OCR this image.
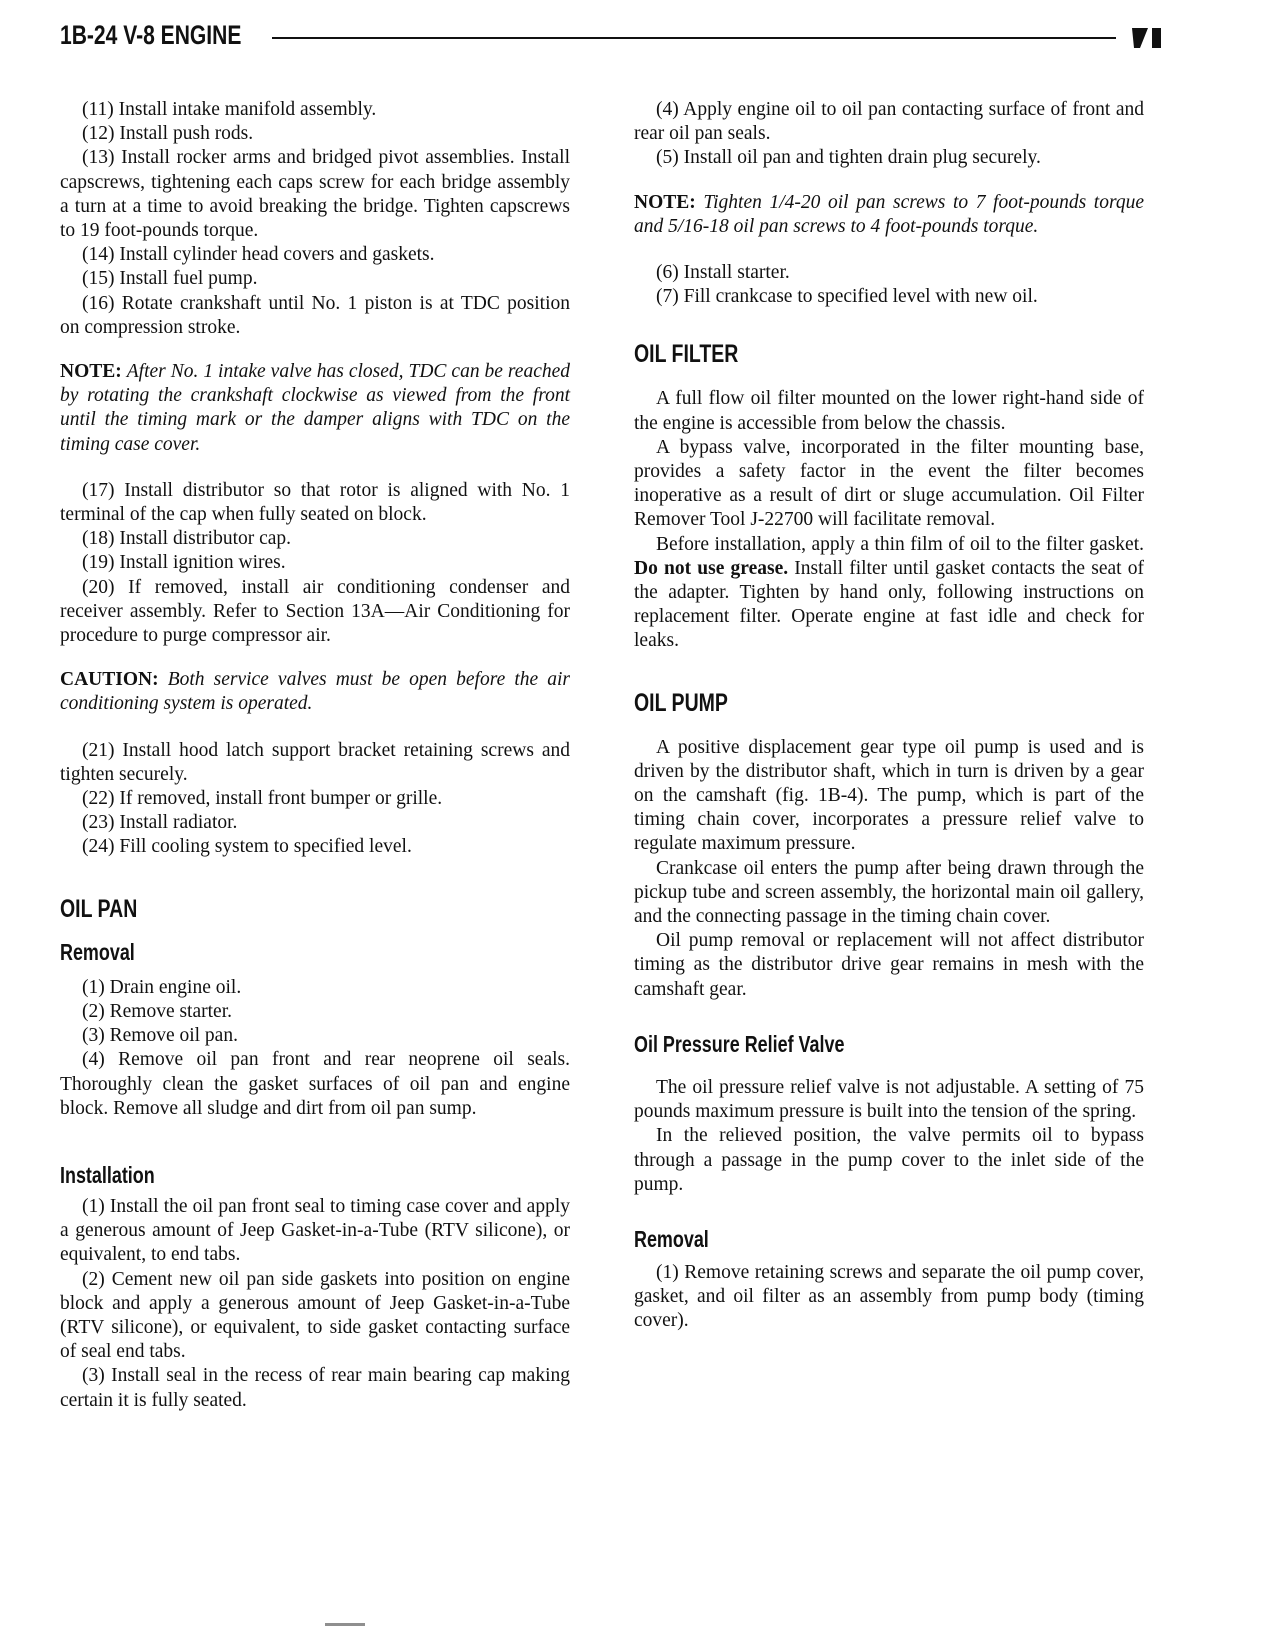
1B-24 V-8 ENGINE

(11) Install intake manifold assembly.

(12) Install push rods.

(13) Install rocker arms and bridged pivot assemblies. Install capscrews, tightening each caps screw for each bridge assembly a turn at a time to avoid breaking the bridge. Tighten capscrews to 19 foot-pounds torque.

(14) Install cylinder head covers and gaskets.

(15) Install fuel pump.

(16) Rotate crankshaft until No. 1 piston is at TDC position on compression stroke.

NOTE: After No. 1 intake valve has closed, TDC can be reached by rotating the crankshaft clockwise as viewed from the front until the timing mark or the damper aligns with TDC on the timing case cover.

(17) Install distributor so that rotor is aligned with No. 1 terminal of the cap when fully seated on block.

(18) Install distributor cap.

(19) Install ignition wires.

(20) If removed, install air conditioning condenser and receiver assembly. Refer to Section 13A—Air Conditioning for procedure to purge compressor air.

CAUTION: Both service valves must be open before the air conditioning system is operated.

(21) Install hood latch support bracket retaining screws and tighten securely.

(22) If removed, install front bumper or grille.

(23) Install radiator.

(24) Fill cooling system to specified level.

OIL PAN
Removal

(1) Drain engine oil.

(2) Remove starter.

(3) Remove oil pan.

(4) Remove oil pan front and rear neoprene oil seals. Thoroughly clean the gasket surfaces of oil pan and engine block. Remove all sludge and dirt from oil pan sump.

Installation

(1) Install the oil pan front seal to timing case cover and apply a generous amount of Jeep Gasket-in-a-Tube (RTV silicone), or equivalent, to end tabs.

(2) Cement new oil pan side gaskets into position on engine block and apply a generous amount of Jeep Gasket-in-a-Tube (RTV silicone), or equivalent, to side gasket contacting surface of seal end tabs.

(3) Install seal in the recess of rear main bearing cap making certain it is fully seated.

(4) Apply engine oil to oil pan contacting surface of front and rear oil pan seals.

(5) Install oil pan and tighten drain plug securely.

NOTE: Tighten 1/4-20 oil pan screws to 7 foot-pounds torque and 5/16-18 oil pan screws to 4 foot-pounds torque.

(6) Install starter.

(7) Fill crankcase to specified level with new oil.

OIL FILTER

A full flow oil filter mounted on the lower right-hand side of the engine is accessible from below the chassis.

A bypass valve, incorporated in the filter mounting base, provides a safety factor in the event the filter becomes inoperative as a result of dirt or sluge accumulation. Oil Filter Remover Tool J-22700 will facilitate removal.

Before installation, apply a thin film of oil to the filter gasket. Do not use grease. Install filter until gasket contacts the seat of the adapter. Tighten by hand only, following instructions on replacement filter. Operate engine at fast idle and check for leaks.

OIL PUMP

A positive displacement gear type oil pump is used and is driven by the distributor shaft, which in turn is driven by a gear on the camshaft (fig. 1B-4). The pump, which is part of the timing chain cover, incorporates a pressure relief valve to regulate maximum pressure.

Crankcase oil enters the pump after being drawn through the pickup tube and screen assembly, the horizontal main oil gallery, and the connecting passage in the timing chain cover.

Oil pump removal or replacement will not affect distributor timing as the distributor drive gear remains in mesh with the camshaft gear.

Oil Pressure Relief Valve

The oil pressure relief valve is not adjustable. A setting of 75 pounds maximum pressure is built into the tension of the spring.

In the relieved position, the valve permits oil to bypass through a passage in the pump cover to the inlet side of the pump.

Removal

(1) Remove retaining screws and separate the oil pump cover, gasket, and oil filter as an assembly from pump body (timing cover).
